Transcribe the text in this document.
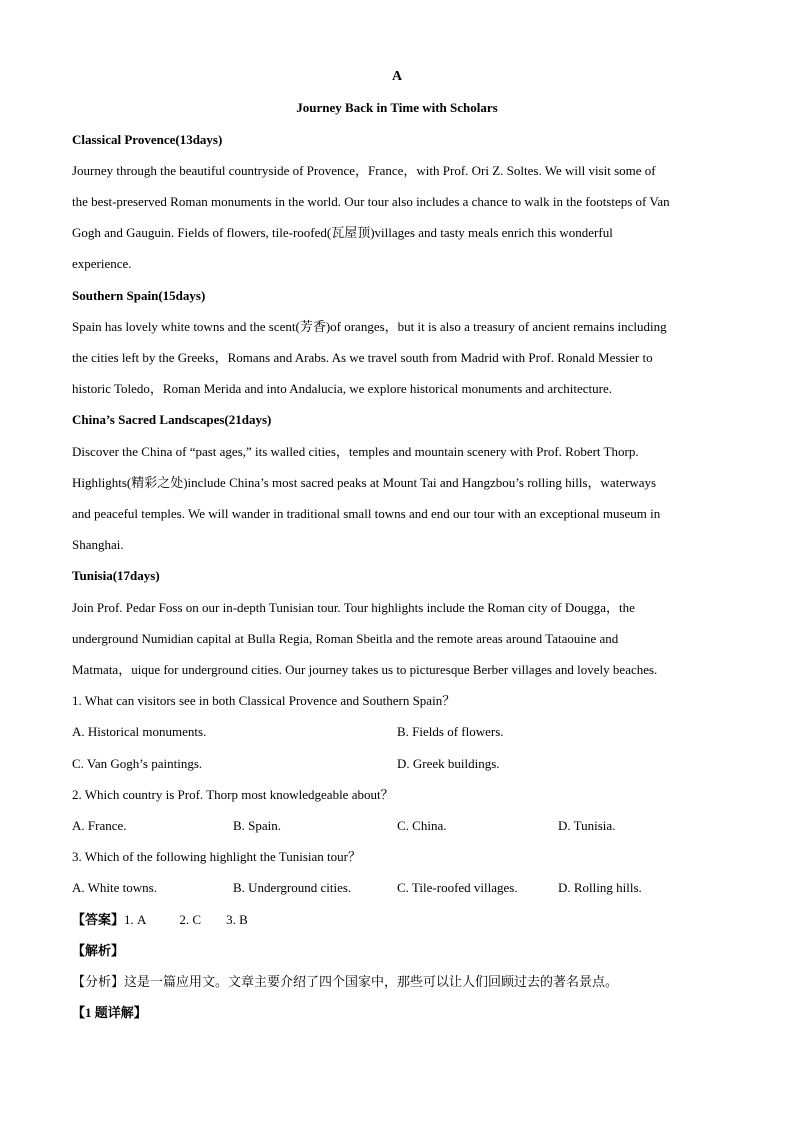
A
Journey Back in Time with Scholars
Classical Provence(13days)
Journey through the beautiful countryside of Provence，France，with Prof. Ori Z. Soltes. We will visit some of
the best-preserved Roman monuments in the world. Our tour also includes a chance to walk in the footsteps of Van
Gogh and Gauguin. Fields of flowers, tile-roofed(瓦屋顶)villages and tasty meals enrich this wonderful
experience.
Southern Spain(15days)
Spain has lovely white towns and the scent(芳香)of oranges，but it is also a treasury of ancient remains including
the cities left by the Greeks，Romans and Arabs. As we travel south from Madrid with Prof. Ronald Messier to
historic Toledo，Roman Merida and into Andalucia, we explore historical monuments and architecture.
China’s Sacred Landscapes(21days)
Discover the China of “past ages,” its walled cities，temples and mountain scenery with Prof. Robert Thorp.
Highlights(精彩之处)include China’s most sacred peaks at Mount Tai and Hangzbou’s rolling hills，waterways
and peaceful temples. We will wander in traditional small towns and end our tour with an exceptional museum in
Shanghai.
Tunisia(17days)
Join Prof. Pedar Foss on our in-depth Tunisian tour. Tour highlights include the Roman city of Dougga，the
underground Numidian capital at Bulla Regia, Roman Sbeitla and the remote areas around Tataouine and
Matmata，uique for underground cities. Our journey takes us to picturesque Berber villages and lovely beaches.
1. What can visitors see in both Classical Provence and Southern Spain？
A. Historical monuments.	B. Fields of flowers.
C. Van Gogh’s paintings.	D. Greek buildings.
2. Which country is Prof. Thorp most knowledgeable about？
A. France.	B. Spain.	C. China.	D. Tunisia.
3. Which of the following highlight the Tunisian tour？
A. White towns.	B. Underground cities.	C. Tile-roofed villages.	D. Rolling hills.
【答案】1. A	2. C 3. B
【解析】
【分析】这是一篇应用文。文章主要介绍了四个国家中，那些可以让人们回顾过去的著名景点。
【1 题详解】
